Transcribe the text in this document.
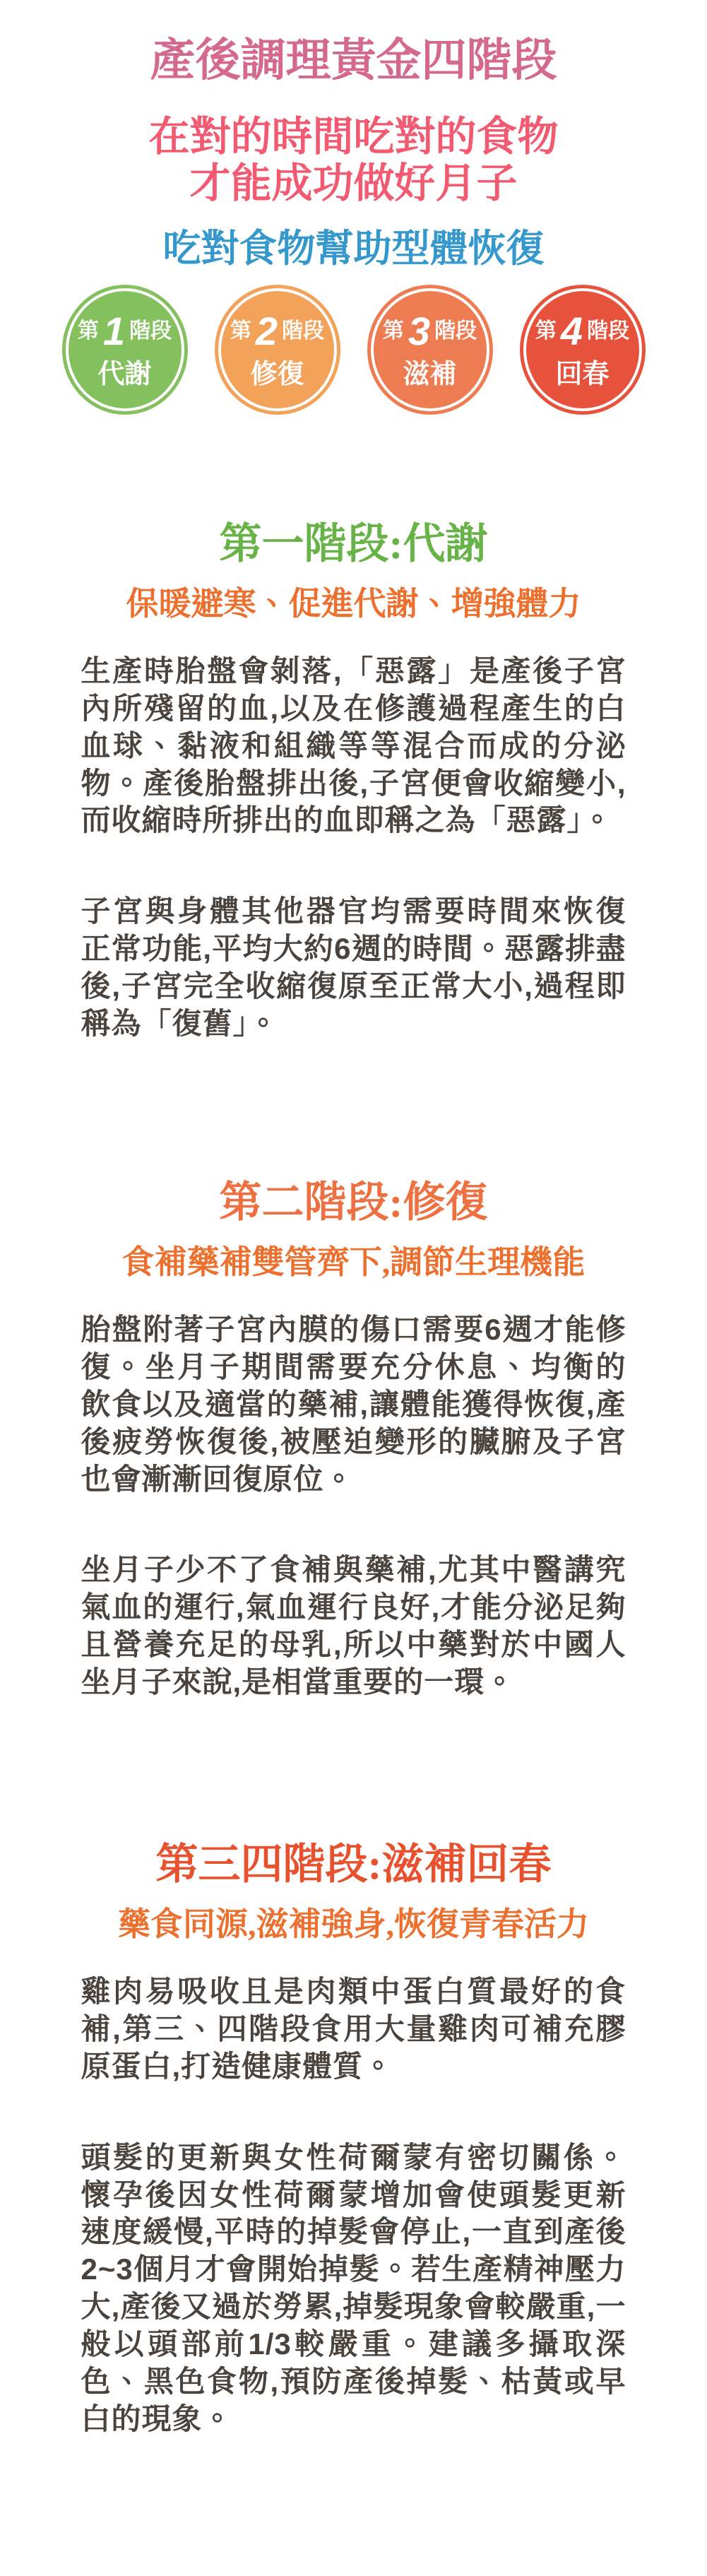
產後調理黃金四階段
在對的時間吃對的食物
才能成功做好月子
吃對食物幫助型體恢復
第 1 階段
代謝
第 2 階段
修復
第 3 階段
滋補
第 4 階段
回春
第一階段:代謝
保暖避寒、促進代謝、增強體力

生產時胎盤會剝落,「惡露」是產後子宮內所殘留的血,以及在修護過程產生的白血球、黏液和組織等等混合而成的分泌物。產後胎盤排出後,子宮便會收縮變小,而收縮時所排出的血即稱之為「惡露」。

子宮與身體其他器官均需要時間來恢復正常功能,平均大約6週的時間。惡露排盡後,子宮完全收縮復原至正常大小,過程即稱為「復舊」。

第二階段:修復
食補藥補雙管齊下,調節生理機能

胎盤附著子宮內膜的傷口需要6週才能修復。坐月子期間需要充分休息、均衡的飲食以及適當的藥補,讓體能獲得恢復,產後疲勞恢復後,被壓迫變形的臟腑及子宮也會漸漸回復原位。

坐月子少不了食補與藥補,尤其中醫講究氣血的運行,氣血運行良好,才能分泌足夠且營養充足的母乳,所以中藥對於中國人坐月子來說,是相當重要的一環。

第三四階段:滋補回春
藥食同源,滋補強身,恢復青春活力

雞肉易吸收且是肉類中蛋白質最好的食補,第三、四階段食用大量雞肉可補充膠原蛋白,打造健康體質。

頭髮的更新與女性荷爾蒙有密切關係。懷孕後因女性荷爾蒙增加會使頭髮更新速度緩慢,平時的掉髮會停止,一直到產後2~3個月才會開始掉髮。若生產精神壓力大,產後又過於勞累,掉髮現象會較嚴重,一般以頭部前1/3較嚴重。建議多攝取深色、黑色食物,預防產後掉髮、枯黃或早白的現象。
